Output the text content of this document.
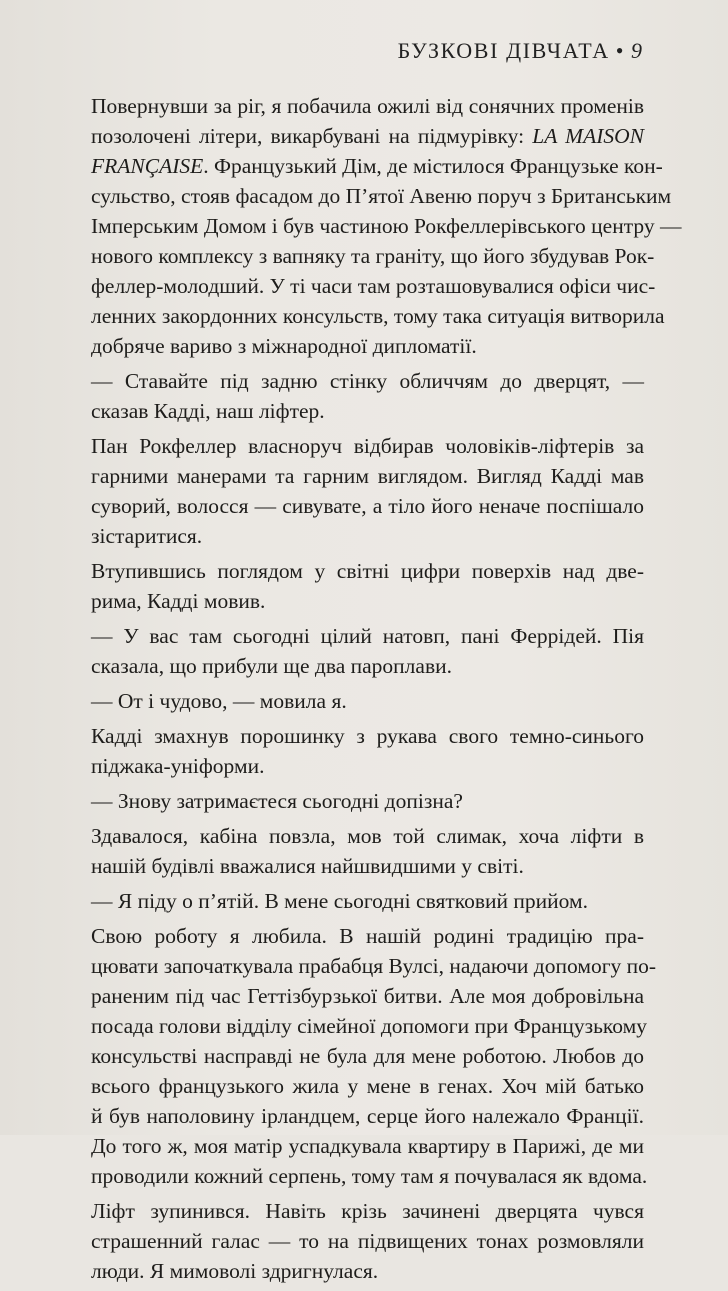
БУЗКОВІ ДІВЧАТА • 9

Повернувши за ріг, я побачила ожилі від сонячних променів
позолочені літери, викарбувані на підмурівку: LA MAISON
FRANÇAISE. Французький Дім, де містилося Французьке кон-
сульство, стояв фасадом до П’ятої Авеню поруч з Британським
Імперським Домом і був частиною Рокфеллерівського центру —
нового комплексу з вапняку та граніту, що його збудував Рок-
феллер-молодший. У ті часи там розташовувалися офіси чис-
ленних закордонних консульств, тому така ситуація витворила
добряче вариво з міжнародної дипломатії.

— Ставайте під задню стінку обличчям до дверцят, —
сказав Кадді, наш ліфтер.

Пан Рокфеллер власноруч відбирав чоловіків-ліфтерів за
гарними манерами та гарним виглядом. Вигляд Кадді мав
суворий, волосся — сивувате, а тіло його неначе поспішало
зістаритися.

Втупившись поглядом у світні цифри поверхів над две-
рима, Кадді мовив.

— У вас там сьогодні цілий натовп, пані Феррідей. Пія
сказала, що прибули ще два пароплави.

— От і чудово, — мовила я.

Кадді змахнув порошинку з рукава свого темно-синього
піджака-уніформи.

— Знову затримаєтеся сьогодні допізна?

Здавалося, кабіна повзла, мов той слимак, хоча ліфти в
нашій будівлі вважалися найшвидшими у світі.

— Я піду о п’ятій. В мене сьогодні святковий прийом.

Свою роботу я любила. В нашій родині традицію пра-
цювати започаткувала прабабця Вулсі, надаючи допомогу по-
раненим під час Геттізбурзької битви. Але моя добровільна
посада голови відділу сімейної допомоги при Французькому
консульстві насправді не була для мене роботою. Любов до
всього французького жила у мене в генах. Хоч мій батько
й був наполовину ірландцем, серце його належало Франції.
До того ж, моя матір успадкувала квартиру в Парижі, де ми
проводили кожний серпень, тому там я почувалася як вдома.

Ліфт зупинився. Навіть крізь зачинені дверцята чувся
страшенний галас — то на підвищених тонах розмовляли
люди. Я мимоволі здригнулася.
